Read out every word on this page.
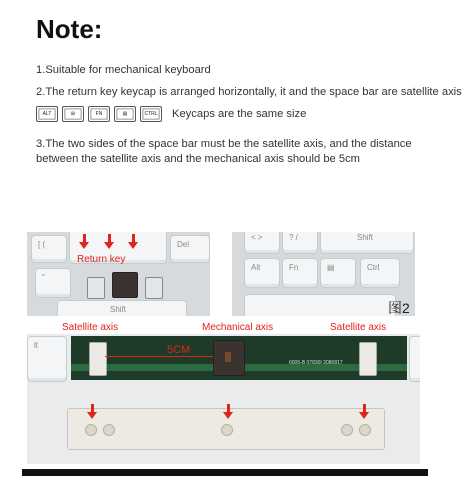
Note:
1.Suitable for mechanical keyboard
2.The return key keycap is arranged horizontally, it and the space bar are satellite axis
ALT	⊞	FN	▤	CTRL	Keycaps are the same size
3.The two sides of the space bar must be the satellite axis, and the distance between the satellite axis and the mechanical axis should be 5cm
[ (	Del
"
Shift
Return key
< >	? /	Shift
Alt	Fn	▤	Ctrl
图2
Satellite axis	Mechanical axis	Satellite axis
lt	5CM
6005-B 07830I 2080817
